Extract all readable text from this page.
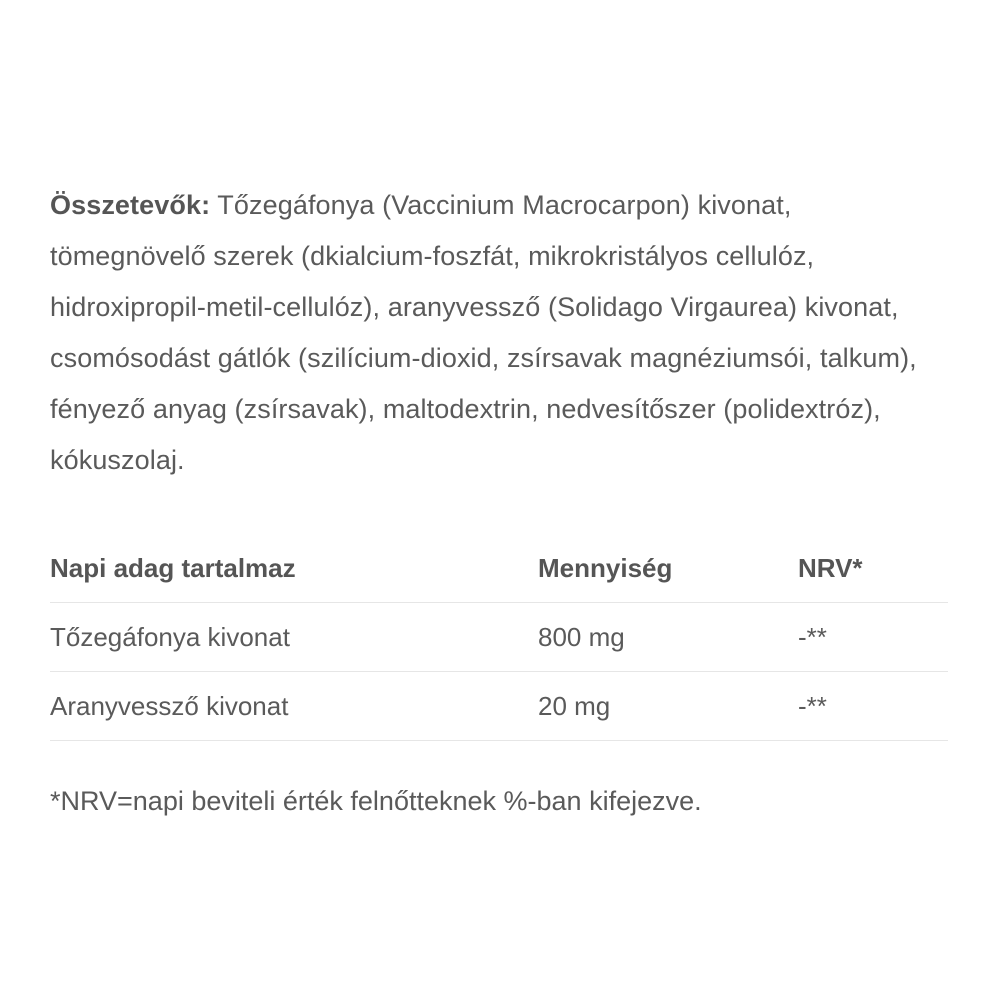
Összetevők: Tőzegáfonya (Vaccinium Macrocarpon) kivonat, tömegnövelő szerek (dkialcium-foszfát, mikrokristályos cellulóz, hidroxipropil-metil-cellulóz), aranyvessző (Solidago Virgaurea) kivonat, csomósodást gátlók (szilícium-dioxid, zsírsavak magnéziumsói, talkum), fényező anyag (zsírsavak), maltodextrin, nedvesítőszer (polidextróz), kókuszolaj.

Napi adag tartalmaz	Mennyiség	NRV*
Tőzegáfonya kivonat	800 mg	-**
Aranyvessző kivonat	20 mg	-**

*NRV=napi beviteli érték felnőtteknek %-ban kifejezve.
